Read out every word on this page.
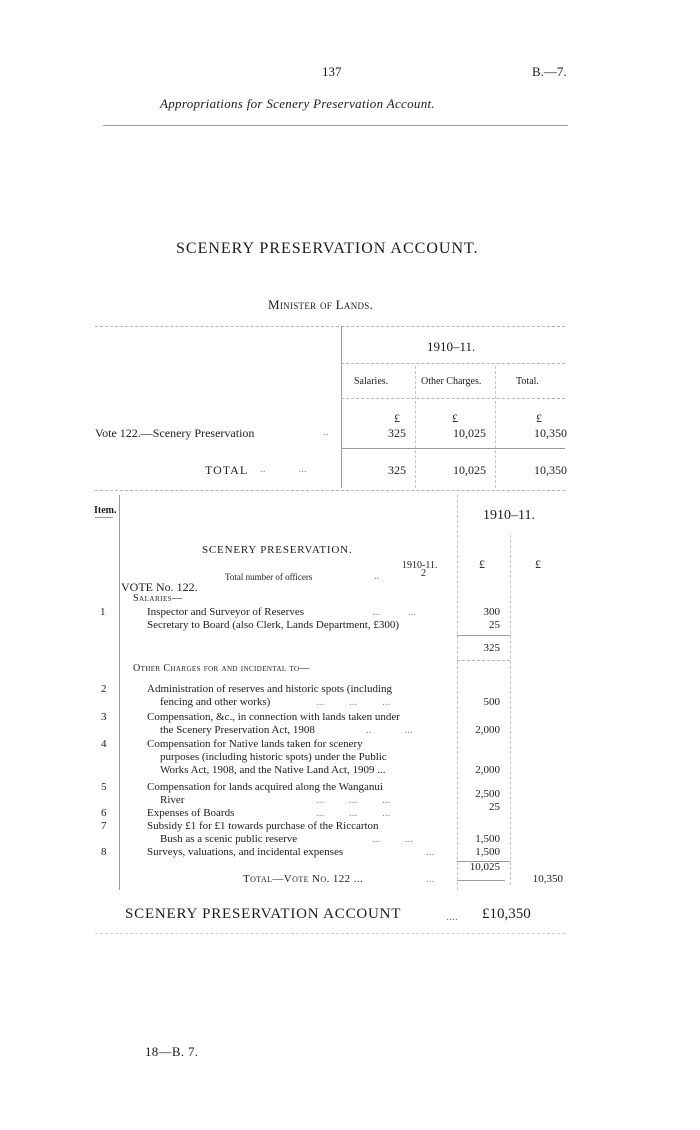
137	B.—7.
Appropriations for Scenery Preservation Account.
SCENERY PRESERVATION ACCOUNT.
Minister of Lands.
1910–11.
Salaries.	Other Charges.	Total.
£	£	£
Vote 122.—Scenery Preservation	..	325	10,025	10,350
TOTAL ..            ...	325	10,025	10,350
Item.	1910–11.
SCENERY PRESERVATION.
£	£
1910-11.
Total number of officers	..	2
VOTE No. 122.
Salaries—
1	Inspector and Surveyor of Reserves	...          ...	300
Secretary to Board (also Clerk, Lands Department, £300)	25
325
Other Charges for and incidental to—
2	Administration of reserves and historic spots (including
fencing and other works)	...         ...         ...	500
3	Compensation, &c., in connection with lands taken under
the Scenery Preservation Act, 1908	..            ...	2,000
4	Compensation for Native lands taken for scenery
purposes (including historic spots) under the Public
Works Act, 1908, and the Native Land Act, 1909 ...	2,000
5	Compensation for lands acquired along the Wanganui
River	...         ...         ...	2,500
6	Expenses of Boards	...         ...         ...	25
7	Subsidy £1 for £1 towards purchase of the Riccarton
Bush as a scenic public reserve	...         ...	1,500
8	Surveys, valuations, and incidental expenses	...	1,500
10,025
Total—Vote No. 122 ...	...	10,350
SCENERY PRESERVATION ACCOUNT	.... £10,350
18—B. 7.
